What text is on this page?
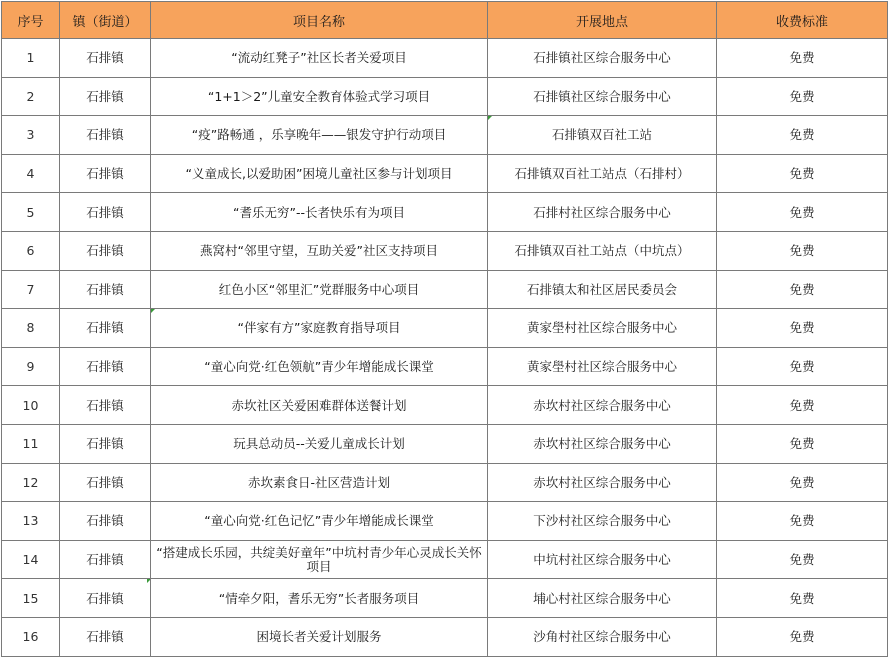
序号	镇（街道）	项目名称	开展地点	收费标准
1	石排镇	“流动红凳子”社区长者关爱项目	石排镇社区综合服务中心	免费
2	石排镇	“1+1＞2”儿童安全教育体验式学习项目	石排镇社区综合服务中心	免费
3	石排镇	“疫”路畅通 ，乐享晚年——银发守护行动项目	石排镇双百社工站	免费
4	石排镇	“义童成长,以爱助困”困境儿童社区参与计划项目	石排镇双百社工站点（石排村）	免费
5	石排镇	“耆乐无穷”--长者快乐有为项目	石排村社区综合服务中心	免费
6	石排镇	燕窝村“邻里守望，互助关爱”社区支持项目	石排镇双百社工站点（中坑点）	免费
7	石排镇	红色小区“邻里汇”党群服务中心项目	石排镇太和社区居民委员会	免费
8	石排镇	“伴家有方”家庭教育指导项目	黄家壆村社区综合服务中心	免费
9	石排镇	“童心向党·红色领航”青少年增能成长课堂	黄家壆村社区综合服务中心	免费
10	石排镇	赤坎社区关爱困难群体送餐计划	赤坎村社区综合服务中心	免费
11	石排镇	玩具总动员--关爱儿童成长计划	赤坎村社区综合服务中心	免费
12	石排镇	赤坎素食日-社区营造计划	赤坎村社区综合服务中心	免费
13	石排镇	“童心向党·红色记忆”青少年增能成长课堂	下沙村社区综合服务中心	免费
14	石排镇	“搭建成长乐园，共绽美好童年”中坑村青少年心灵成长关怀项目	中坑村社区综合服务中心	免费
15	石排镇	“情牵夕阳，耆乐无穷”长者服务项目	埔心村社区综合服务中心	免费
16	石排镇	困境长者关爱计划服务	沙角村社区综合服务中心	免费
